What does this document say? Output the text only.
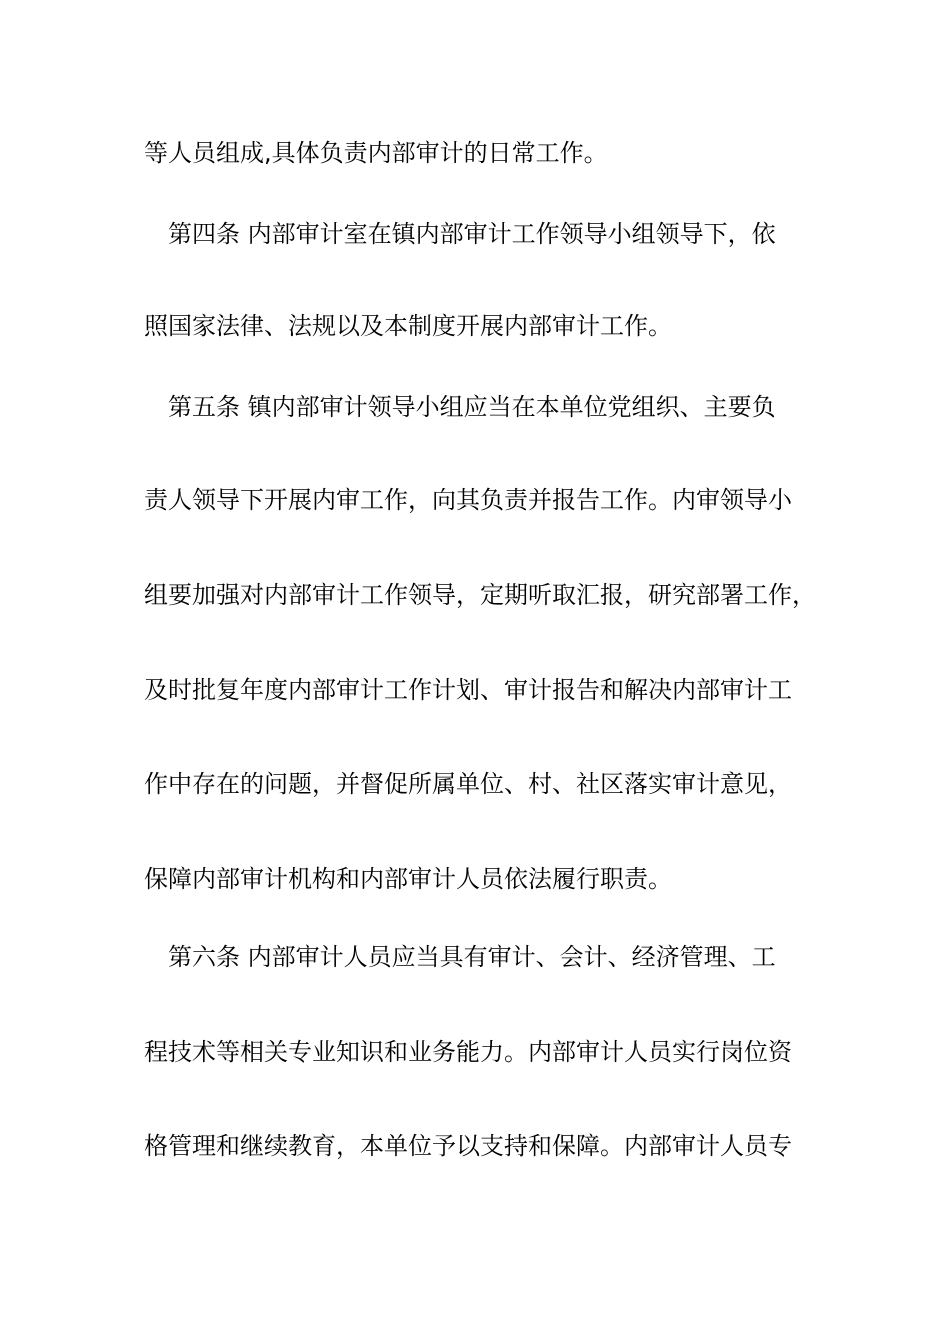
等人员组成,具体负责内部审计的日常工作。
　第四条 内部审计室在镇内部审计工作领导小组领导下，依
照国家法律、法规以及本制度开展内部审计工作。
　第五条 镇内部审计领导小组应当在本单位党组织、主要负
责人领导下开展内审工作，向其负责并报告工作。内审领导小
组要加强对内部审计工作领导，定期听取汇报，研究部署工作，
及时批复年度内部审计工作计划、审计报告和解决内部审计工
作中存在的问题，并督促所属单位、村、社区落实审计意见，
保障内部审计机构和内部审计人员依法履行职责。
　第六条 内部审计人员应当具有审计、会计、经济管理、工
程技术等相关专业知识和业务能力。内部审计人员实行岗位资
格管理和继续教育，本单位予以支持和保障。内部审计人员专
